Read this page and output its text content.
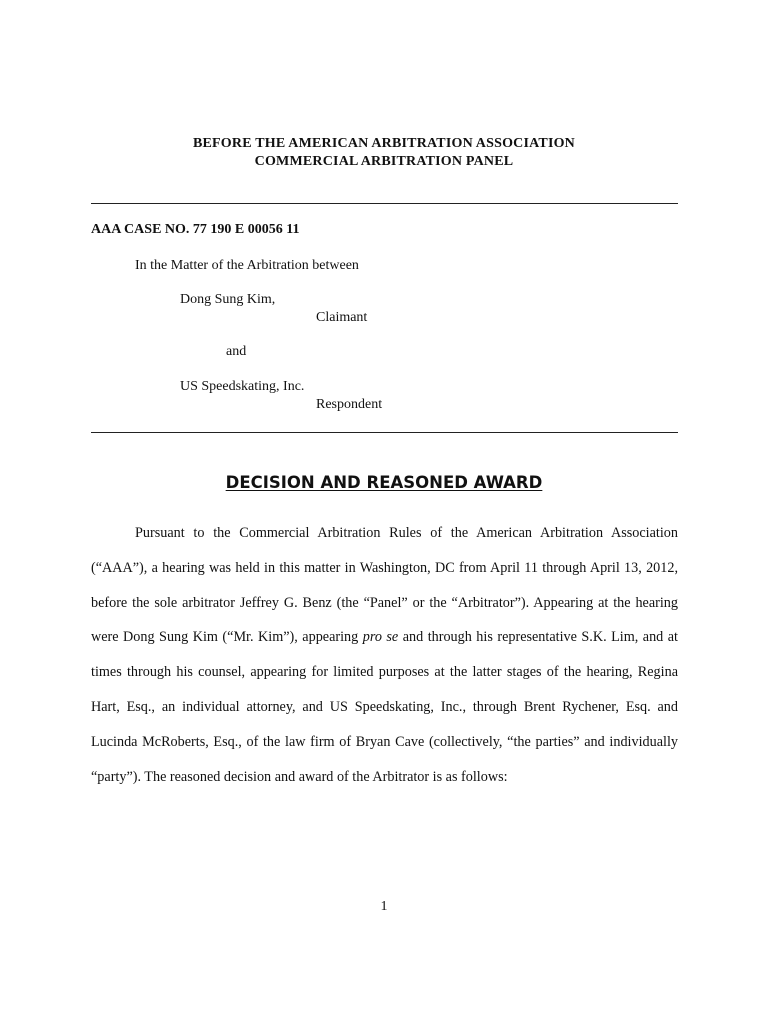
BEFORE THE AMERICAN ARBITRATION ASSOCIATION
COMMERCIAL ARBITRATION PANEL
AAA CASE NO. 77 190 E 00056 11
In the Matter of the Arbitration between
Dong Sung Kim,
Claimant
and
US Speedskating, Inc.
Respondent
DECISION AND REASONED AWARD

Pursuant to the Commercial Arbitration Rules of the American Arbitration Association (“AAA”), a hearing was held in this matter in Washington, DC from April 11 through April 13, 2012, before the sole arbitrator Jeffrey G. Benz (the “Panel” or the “Arbitrator”). Appearing at the hearing were Dong Sung Kim (“Mr. Kim”), appearing pro se and through his representative S.K. Lim, and at times through his counsel, appearing for limited purposes at the latter stages of the hearing, Regina Hart, Esq., an individual attorney, and US Speedskating, Inc., through Brent Rychener, Esq. and Lucinda McRoberts, Esq., of the law firm of Bryan Cave (collectively, “the parties” and individually “party”). The reasoned decision and award of the Arbitrator is as follows:

1
